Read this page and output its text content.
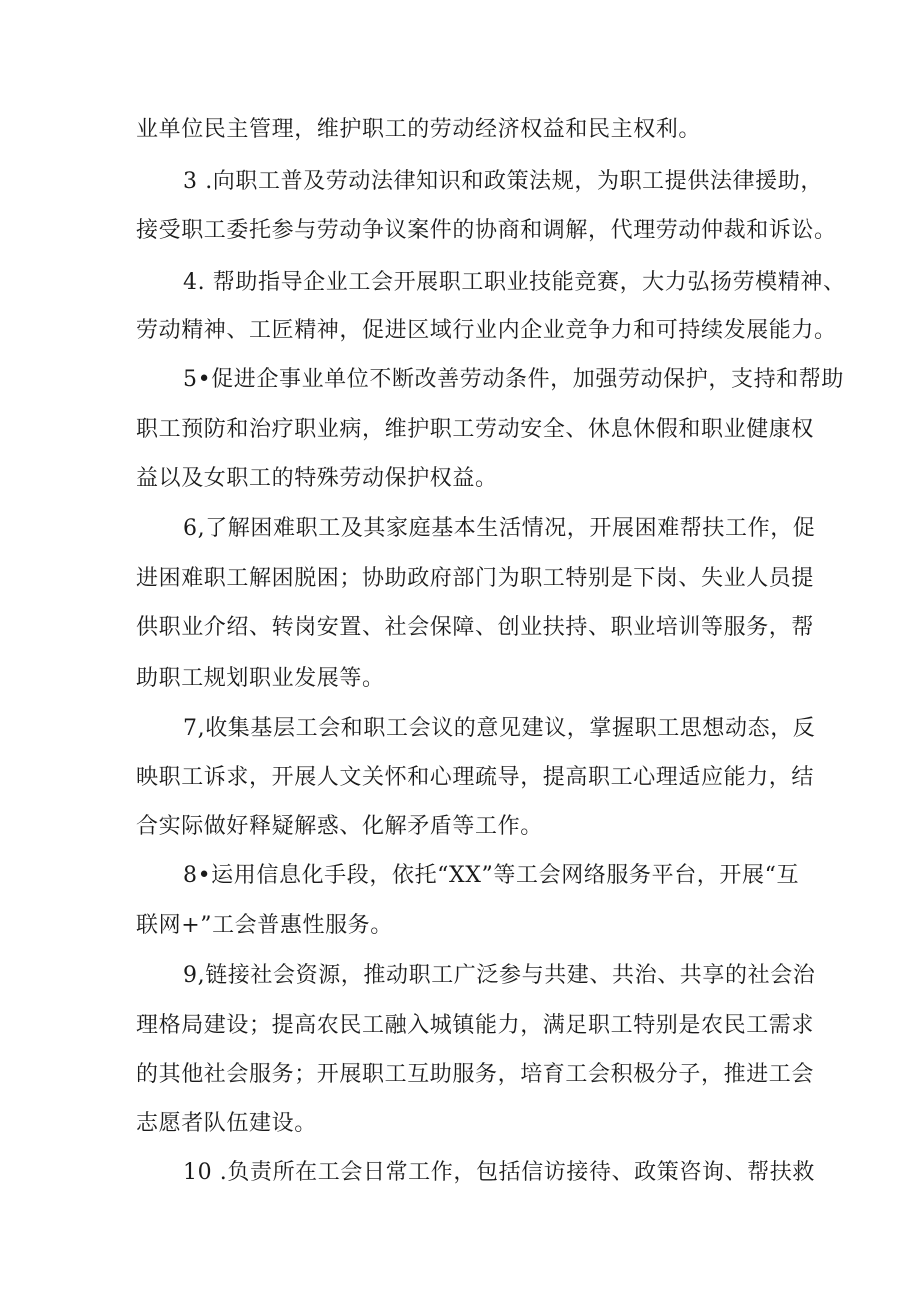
业单位民主管理，维护职工的劳动经济权益和民主权利。
3 .向职工普及劳动法律知识和政策法规，为职工提供法律援助，
接受职工委托参与劳动争议案件的协商和调解，代理劳动仲裁和诉讼。
4. 帮助指导企业工会开展职工职业技能竞赛，大力弘扬劳模精神、
劳动精神、工匠精神，促进区域行业内企业竞争力和可持续发展能力。
5•促进企事业单位不断改善劳动条件，加强劳动保护，支持和帮助
职工预防和治疗职业病，维护职工劳动安全、休息休假和职业健康权
益以及女职工的特殊劳动保护权益。
6,了解困难职工及其家庭基本生活情况，开展困难帮扶工作，促
进困难职工解困脱困；协助政府部门为职工特别是下岗、失业人员提
供职业介绍、转岗安置、社会保障、创业扶持、职业培训等服务，帮
助职工规划职业发展等。
7,收集基层工会和职工会议的意见建议，掌握职工思想动态，反
映职工诉求，开展人文关怀和心理疏导，提高职工心理适应能力，结
合实际做好释疑解惑、化解矛盾等工作。
8•运用信息化手段，依托“XX”等工会网络服务平台，开展“互
联网+”工会普惠性服务。
9,链接社会资源，推动职工广泛参与共建、共治、共享的社会治
理格局建设；提高农民工融入城镇能力，满足职工特别是农民工需求
的其他社会服务；开展职工互助服务，培育工会积极分子，推进工会
志愿者队伍建设。
10 .负责所在工会日常工作，包括信访接待、政策咨询、帮扶救
